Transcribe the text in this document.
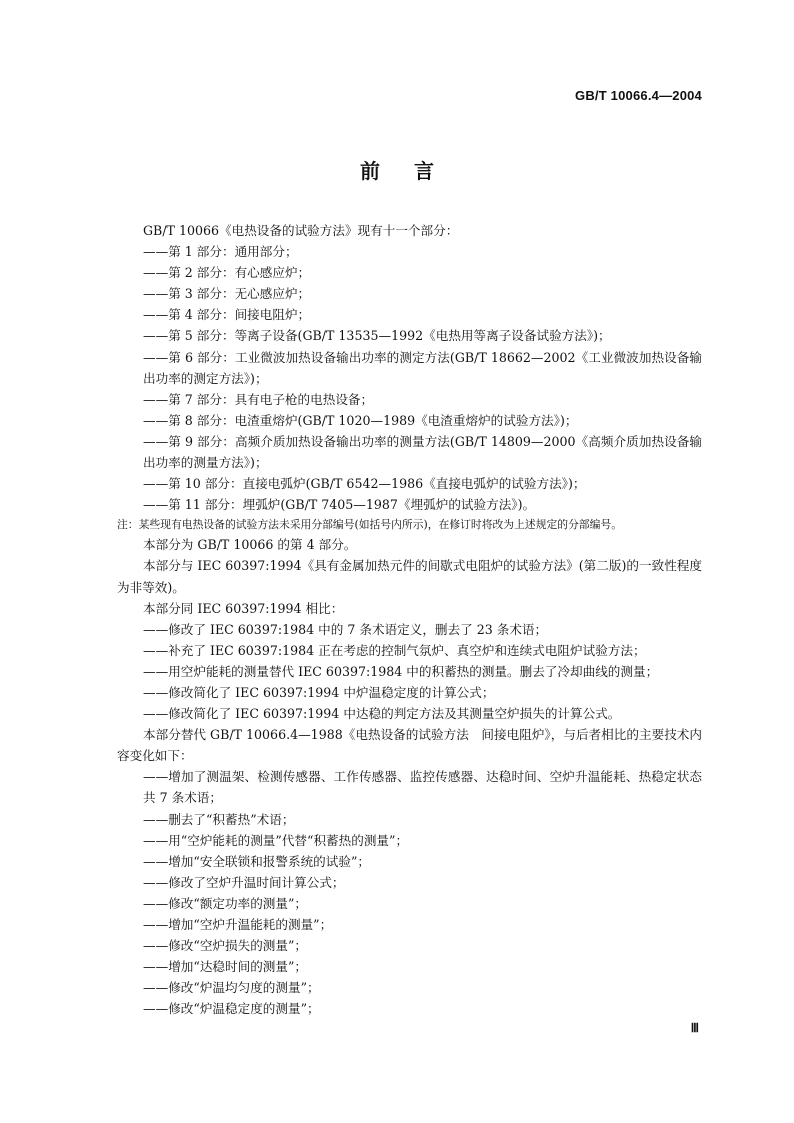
GB/T 10066.4—2004
前言

GB/T 10066《电热设备的试验方法》现有十一个部分：

——第 1 部分：通用部分；

——第 2 部分：有心感应炉；

——第 3 部分：无心感应炉；

——第 4 部分：间接电阻炉；

——第 5 部分：等离子设备(GB/T 13535—1992《电热用等离子设备试验方法》)；

——第 6 部分：工业微波加热设备输出功率的测定方法(GB/T 18662—2002《工业微波加热设备输出功率的测定方法》)；

——第 7 部分：具有电子枪的电热设备；

——第 8 部分：电渣重熔炉(GB/T 1020—1989《电渣重熔炉的试验方法》)；

——第 9 部分：高频介质加热设备输出功率的测量方法(GB/T 14809—2000《高频介质加热设备输出功率的测量方法》)；

——第 10 部分：直接电弧炉(GB/T 6542—1986《直接电弧炉的试验方法》)；

——第 11 部分：埋弧炉(GB/T 7405—1987《埋弧炉的试验方法》)。

注：某些现有电热设备的试验方法未采用分部编号(如括号内所示)，在修订时将改为上述规定的分部编号。

本部分为 GB/T 10066 的第 4 部分。

本部分与 IEC 60397:1994《具有金属加热元件的间歇式电阻炉的试验方法》(第二版)的一致性程度为非等效)。

本部分同 IEC 60397:1994 相比：

——修改了 IEC 60397:1984 中的 7 条术语定义，删去了 23 条术语；

——补充了 IEC 60397:1984 正在考虑的控制气氛炉、真空炉和连续式电阻炉试验方法；

——用空炉能耗的测量替代 IEC 60397:1984 中的积蓄热的测量。删去了冷却曲线的测量；

——修改简化了 IEC 60397:1994 中炉温稳定度的计算公式；

——修改简化了 IEC 60397:1994 中达稳的判定方法及其测量空炉损失的计算公式。

本部分替代 GB/T 10066.4—1988《电热设备的试验方法　间接电阻炉》，与后者相比的主要技术内容变化如下：

——增加了测温架、检测传感器、工作传感器、监控传感器、达稳时间、空炉升温能耗、热稳定状态共 7 条术语；

——删去了“积蓄热”术语；

——用“空炉能耗的测量”代替“积蓄热的测量”；

——增加“安全联锁和报警系统的试验”；

——修改了空炉升温时间计算公式；

——修改“额定功率的测量”；

——增加“空炉升温能耗的测量”；

——修改“空炉损失的测量”；

——增加“达稳时间的测量”；

——修改“炉温均匀度的测量”；

——修改“炉温稳定度的测量”；

Ⅲ
